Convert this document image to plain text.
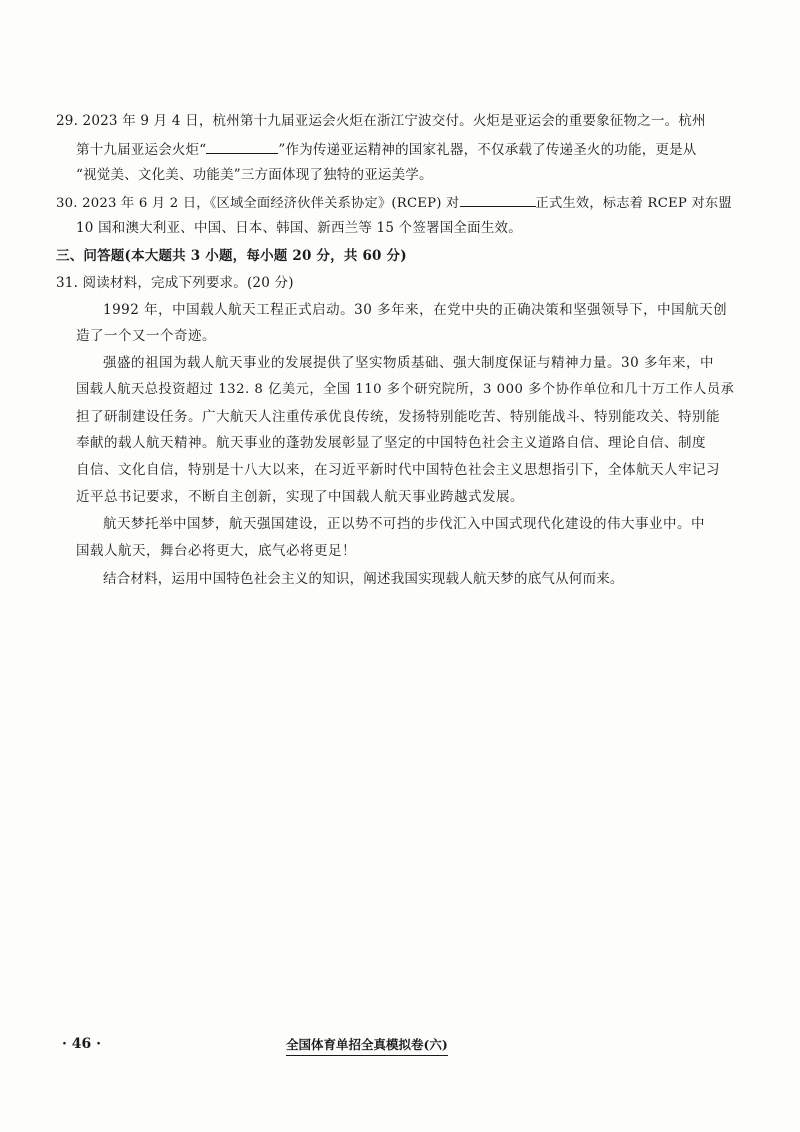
29. 2023 年 9 月 4 日，杭州第十九届亚运会火炬在浙江宁波交付。火炬是亚运会的重要象征物之一。杭州
第十九届亚运会火炬“	”作为传递亚运精神的国家礼器，不仅承载了传递圣火的功能，更是从
“视觉美、文化美、功能美”三方面体现了独特的亚运美学。
30. 2023 年 6 月 2 日，《区域全面经济伙伴关系协定》(RCEP) 对	正式生效，标志着 RCEP 对东盟
10 国和澳大利亚、中国、日本、韩国、新西兰等 15 个签署国全面生效。
三、问答题(本大题共 3 小题，每小题 20 分，共 60 分)
31. 阅读材料，完成下列要求。(20 分)
1992 年，中国载人航天工程正式启动。30 多年来，在党中央的正确决策和坚强领导下，中国航天创
造了一个又一个奇迹。
强盛的祖国为载人航天事业的发展提供了坚实物质基础、强大制度保证与精神力量。30 多年来，中
国载人航天总投资超过 132. 8 亿美元，全国 110 多个研究院所，3 000 多个协作单位和几十万工作人员承
担了研制建设任务。广大航天人注重传承优良传统，发扬特别能吃苦、特别能战斗、特别能攻关、特别能
奉献的载人航天精神。航天事业的蓬勃发展彰显了坚定的中国特色社会主义道路自信、理论自信、制度
自信、文化自信，特别是十八大以来，在习近平新时代中国特色社会主义思想指引下，全体航天人牢记习
近平总书记要求，不断自主创新，实现了中国载人航天事业跨越式发展。
航天梦托举中国梦，航天强国建设，正以势不可挡的步伐汇入中国式现代化建设的伟大事业中。中
国载人航天，舞台必将更大，底气必将更足！
结合材料，运用中国特色社会主义的知识，阐述我国实现载人航天梦的底气从何而来。
· 46 ·	全国体育单招全真模拟卷(六)
